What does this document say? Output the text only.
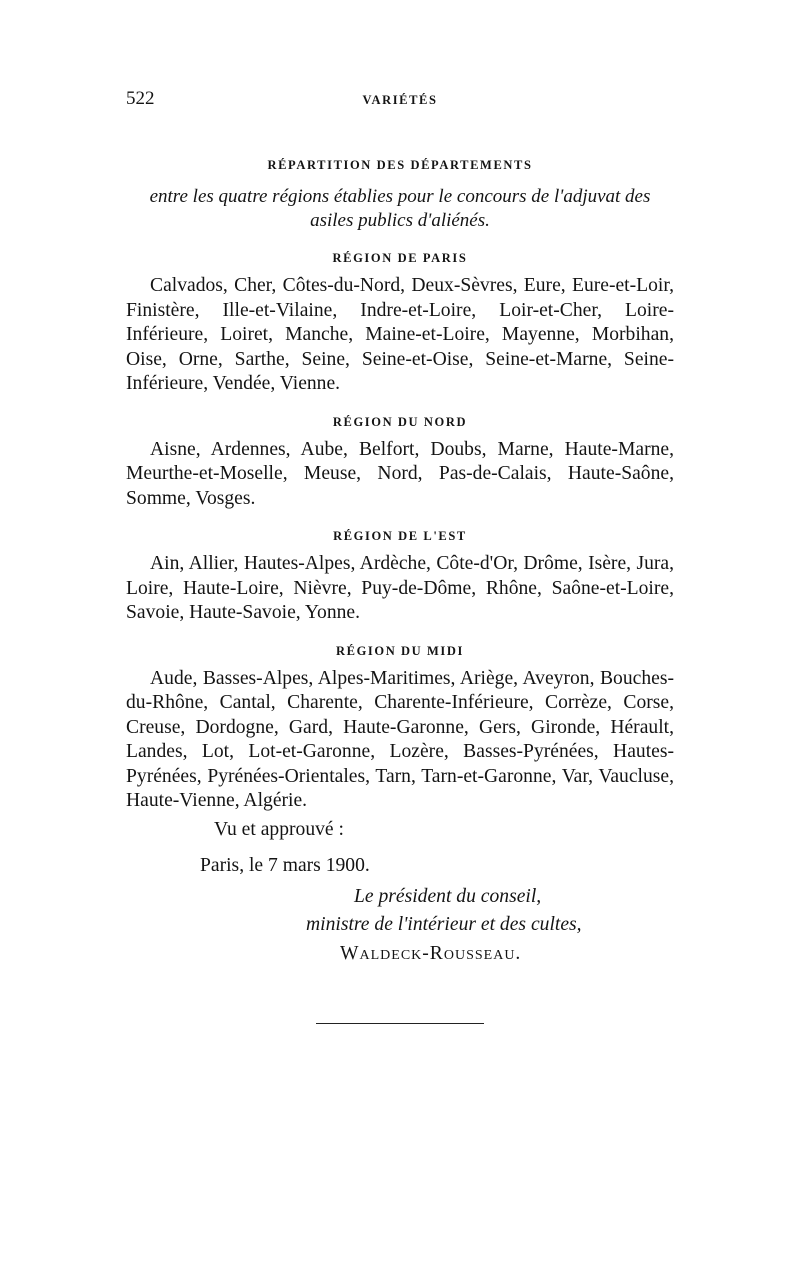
522	VARIÉTÉS
RÉPARTITION DES DÉPARTEMENTS

entre les quatre régions établies pour le concours de l'adjuvat des asiles publics d'aliénés.

RÉGION DE PARIS

Calvados, Cher, Côtes-du-Nord, Deux-Sèvres, Eure, Eure-et-Loir, Finistère, Ille-et-Vilaine, Indre-et-Loire, Loir-et-Cher, Loire-Inférieure, Loiret, Manche, Maine-et-Loire, Mayenne, Morbihan, Oise, Orne, Sarthe, Seine, Seine-et-Oise, Seine-et-Marne, Seine-Inférieure, Vendée, Vienne.

RÉGION DU NORD

Aisne, Ardennes, Aube, Belfort, Doubs, Marne, Haute-Marne, Meurthe-et-Moselle, Meuse, Nord, Pas-de-Calais, Haute-Saône, Somme, Vosges.

RÉGION DE L'EST

Ain, Allier, Hautes-Alpes, Ardèche, Côte-d'Or, Drôme, Isère, Jura, Loire, Haute-Loire, Nièvre, Puy-de-Dôme, Rhône, Saône-et-Loire, Savoie, Haute-Savoie, Yonne.

RÉGION DU MIDI

Aude, Basses-Alpes, Alpes-Maritimes, Ariège, Aveyron, Bouches-du-Rhône, Cantal, Charente, Charente-Inférieure, Corrèze, Corse, Creuse, Dordogne, Gard, Haute-Garonne, Gers, Gironde, Hérault, Landes, Lot, Lot-et-Garonne, Lozère, Basses-Pyrénées, Hautes-Pyrénées, Pyrénées-Orientales, Tarn, Tarn-et-Garonne, Var, Vaucluse, Haute-Vienne, Algérie.

Vu et approuvé :
Paris, le 7 mars 1900.
Le président du conseil,
ministre de l'intérieur et des cultes,
Waldeck-Rousseau.
